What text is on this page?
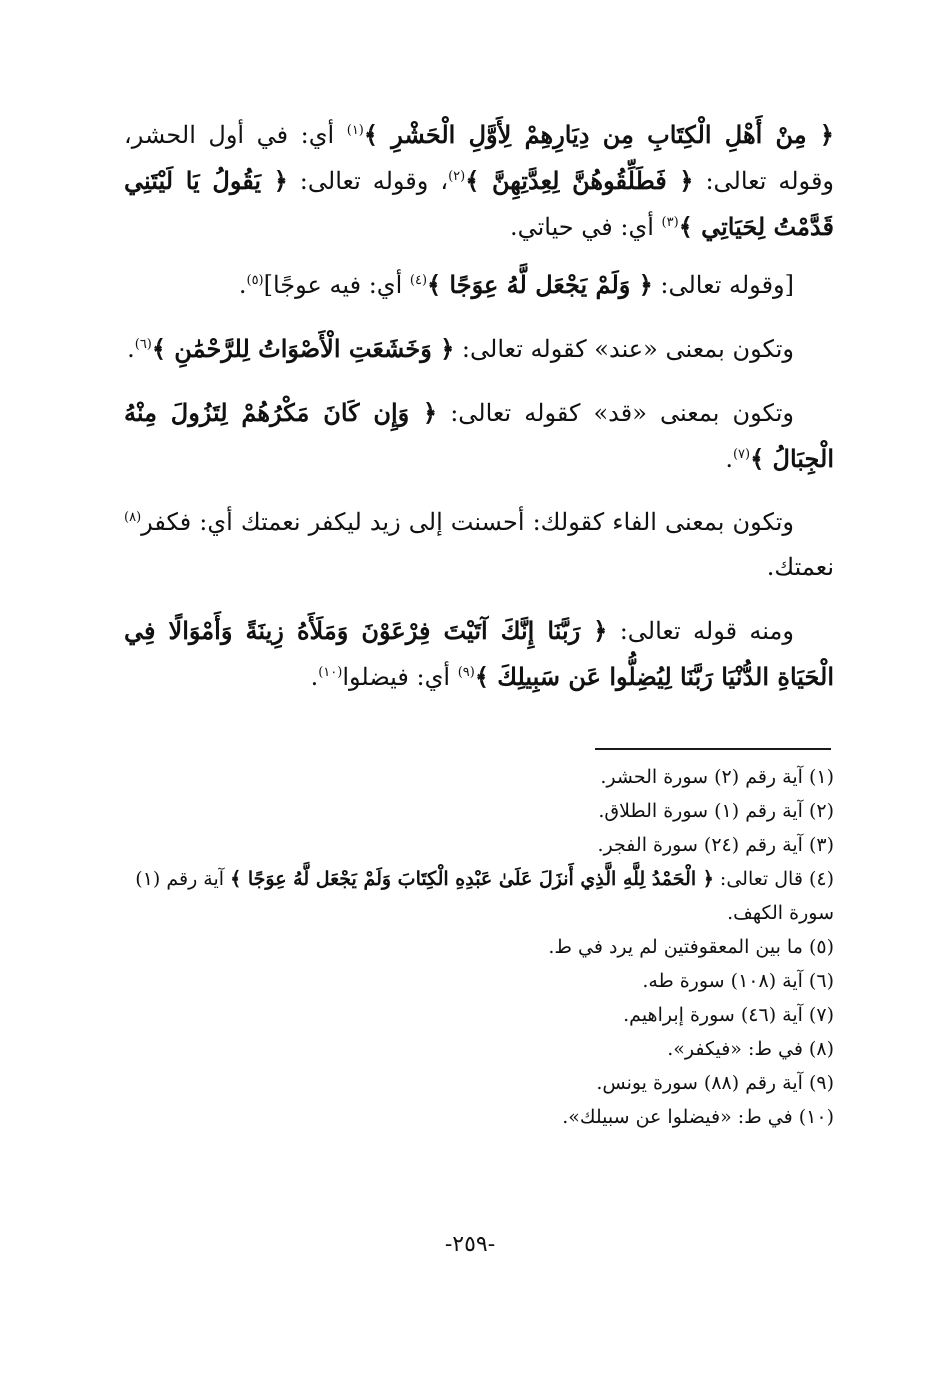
﴿ مِنْ أَهْلِ الْكِتَابِ مِن دِيَارِهِمْ لِأَوَّلِ الْحَشْرِ ﴾$^{(١)}$ أي: في أول الحشر، وقوله تعالى: ﴿ فَطَلِّقُوهُنَّ لِعِدَّتِهِنَّ ﴾$^{(٢)}$، وقوله تعالى: ﴿ يَقُولُ يَا لَيْتَنِي قَدَّمْتُ لِحَيَاتِي ﴾$^{(٣)}$ أي: في حياتي.

[وقوله تعالى: ﴿ وَلَمْ يَجْعَل لَّهُ عِوَجًا ﴾$^{(٤)}$ أي: فيه عوجًا]$^{(٥)}$.

وتكون بمعنى «عند» كقوله تعالى: ﴿ وَخَشَعَتِ الْأَصْوَاتُ لِلرَّحْمَٰنِ ﴾$^{(٦)}$.

وتكون بمعنى «قد» كقوله تعالى: ﴿ وَإِن كَانَ مَكْرُهُمْ لِتَزُولَ مِنْهُ الْجِبَالُ ﴾$^{(٧)}$.

وتكون بمعنى الفاء كقولك: أحسنت إلى زيد ليكفر نعمتك أي: فكفر$^{(٨)}$ نعمتك.

ومنه قوله تعالى: ﴿ رَبَّنَا إِنَّكَ آتَيْتَ فِرْعَوْنَ وَمَلَأَهُ زِينَةً وَأَمْوَالًا فِي الْحَيَاةِ الدُّنْيَا رَبَّنَا لِيُضِلُّوا عَن سَبِيلِكَ ﴾$^{(٩)}$ أي: فيضلوا$^{(١٠)}$.

(١) آية رقم (٢) سورة الحشر.
(٢) آية رقم (١) سورة الطلاق.
(٣) آية رقم (٢٤) سورة الفجر.
(٤) قال تعالى: ﴿ الْحَمْدُ لِلَّهِ الَّذِي أَنزَلَ عَلَىٰ عَبْدِهِ الْكِتَابَ وَلَمْ يَجْعَل لَّهُ عِوَجًا ﴾ آية رقم (١) سورة الكهف.
(٥) ما بين المعقوفتين لم يرد في ط.
(٦) آية (١٠٨) سورة طه.
(٧) آية (٤٦) سورة إبراهيم.
(٨) في ط: «فيكفر».
(٩) آية رقم (٨٨) سورة يونس.
(١٠) في ط: «فيضلوا عن سبيلك».
-٢٥٩-
